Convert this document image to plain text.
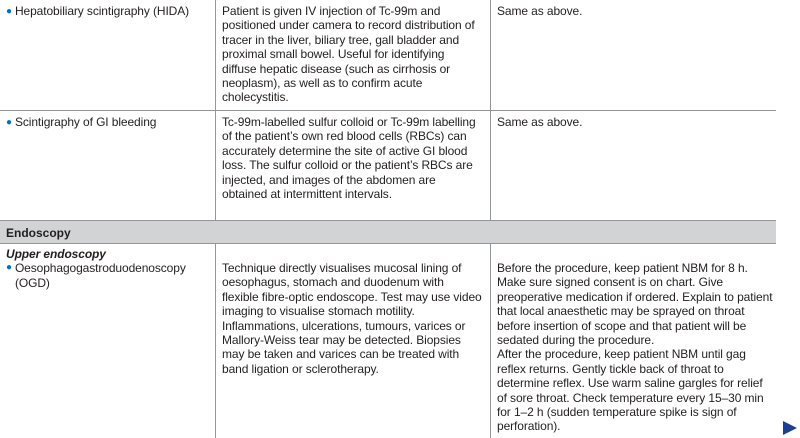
● Hepatobiliary scintigraphy (HIDA)	Patient is given IV injection of Tc-99m and positioned under camera to record distribution of tracer in the liver, biliary tree, gall bladder and proximal small bowel. Useful for identifying diffuse hepatic disease (such as cirrhosis or neoplasm), as well as to confirm acute cholecystitis.

Same as above.

● Scintigraphy of GI bleeding	Tc-99m-labelled sulfur colloid or Tc-99m labelling of the patient’s own red blood cells (RBCs) can accurately determine the site of active GI blood loss. The sulfur colloid or the patient’s RBCs are injected, and images of the abdomen are obtained at intermittent intervals.

Same as above.

Endoscopy
Upper endoscopy
● Oesophagogastroduodenoscopy (OGD)

Technique directly visualises mucosal lining of oesophagus, stomach and duodenum with flexible fibre-optic endoscope. Test may use video imaging to visualise stomach motility. Inflammations, ulcerations, tumours, varices or Mallory-Weiss tear may be detected. Biopsies may be taken and varices can be treated with band ligation or sclerotherapy.

Before the procedure, keep patient NBM for 8 h. Make sure signed consent is on chart. Give preoperative medication if ordered. Explain to patient that local anaesthetic may be sprayed on throat before insertion of scope and that patient will be sedated during the procedure.

After the procedure, keep patient NBM until gag reflex returns. Gently tickle back of throat to determine reflex. Use warm saline gargles for relief of sore throat. Check temperature every 15–30 min for 1–2 h (sudden temperature spike is sign of perforation).
